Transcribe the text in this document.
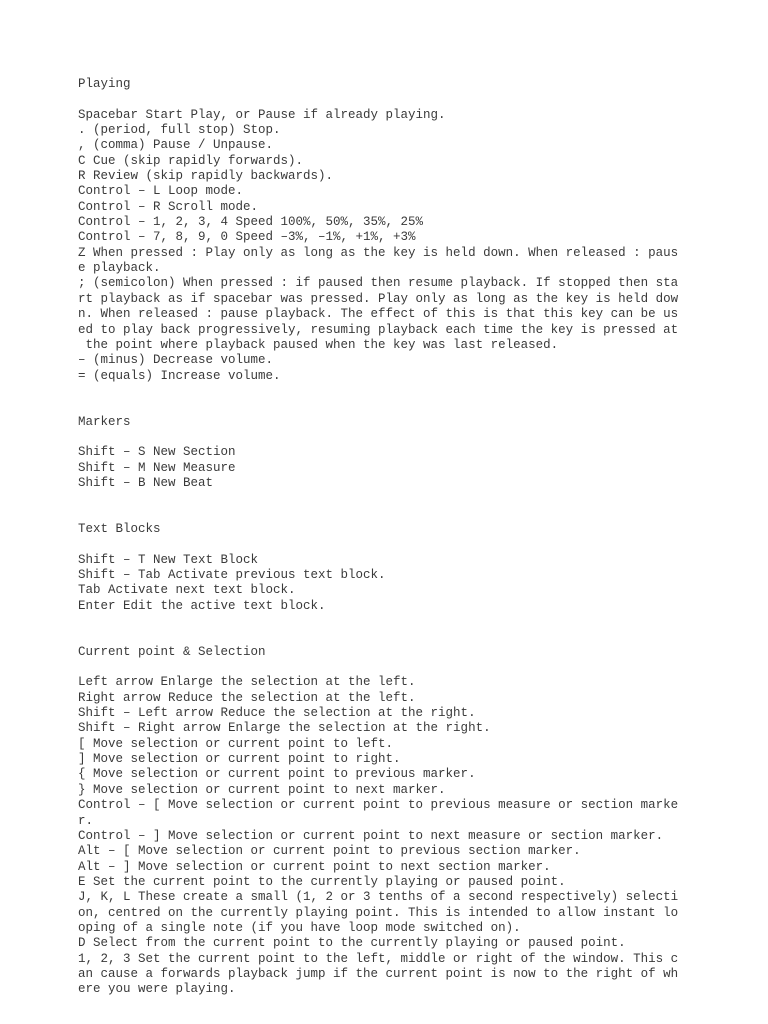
Playing
Spacebar Start Play, or Pause if already playing.
. (period, full stop) Stop.
, (comma) Pause / Unpause.
C Cue (skip rapidly forwards).
R Review (skip rapidly backwards).
Control – L Loop mode.
Control – R Scroll mode.
Control – 1, 2, 3, 4 Speed 100%, 50%, 35%, 25%
Control – 7, 8, 9, 0 Speed –3%, –1%, +1%, +3%
Z When pressed : Play only as long as the key is held down. When released : paus
e playback.
; (semicolon) When pressed : if paused then resume playback. If stopped then sta
rt playback as if spacebar was pressed. Play only as long as the key is held dow
n. When released : pause playback. The effect of this is that this key can be us
ed to play back progressively, resuming playback each time the key is pressed at
the point where playback paused when the key was last released.
– (minus) Decrease volume.
= (equals) Increase volume.
Markers
Shift – S New Section
Shift – M New Measure
Shift – B New Beat
Text Blocks
Shift – T New Text Block
Shift – Tab Activate previous text block.
Tab Activate next text block.
Enter Edit the active text block.
Current point & Selection
Left arrow Enlarge the selection at the left.
Right arrow Reduce the selection at the left.
Shift – Left arrow Reduce the selection at the right.
Shift – Right arrow Enlarge the selection at the right.
[ Move selection or current point to left.
] Move selection or current point to right.
{ Move selection or current point to previous marker.
} Move selection or current point to next marker.
Control – [ Move selection or current point to previous measure or section marke
r.
Control – ] Move selection or current point to next measure or section marker.
Alt – [ Move selection or current point to previous section marker.
Alt – ] Move selection or current point to next section marker.
E Set the current point to the currently playing or paused point.
J, K, L These create a small (1, 2 or 3 tenths of a second respectively) selecti
on, centred on the currently playing point. This is intended to allow instant lo
oping of a single note (if you have loop mode switched on).
D Select from the current point to the currently playing or paused point.
1, 2, 3 Set the current point to the left, middle or right of the window. This c
an cause a forwards playback jump if the current point is now to the right of wh
ere you were playing.
